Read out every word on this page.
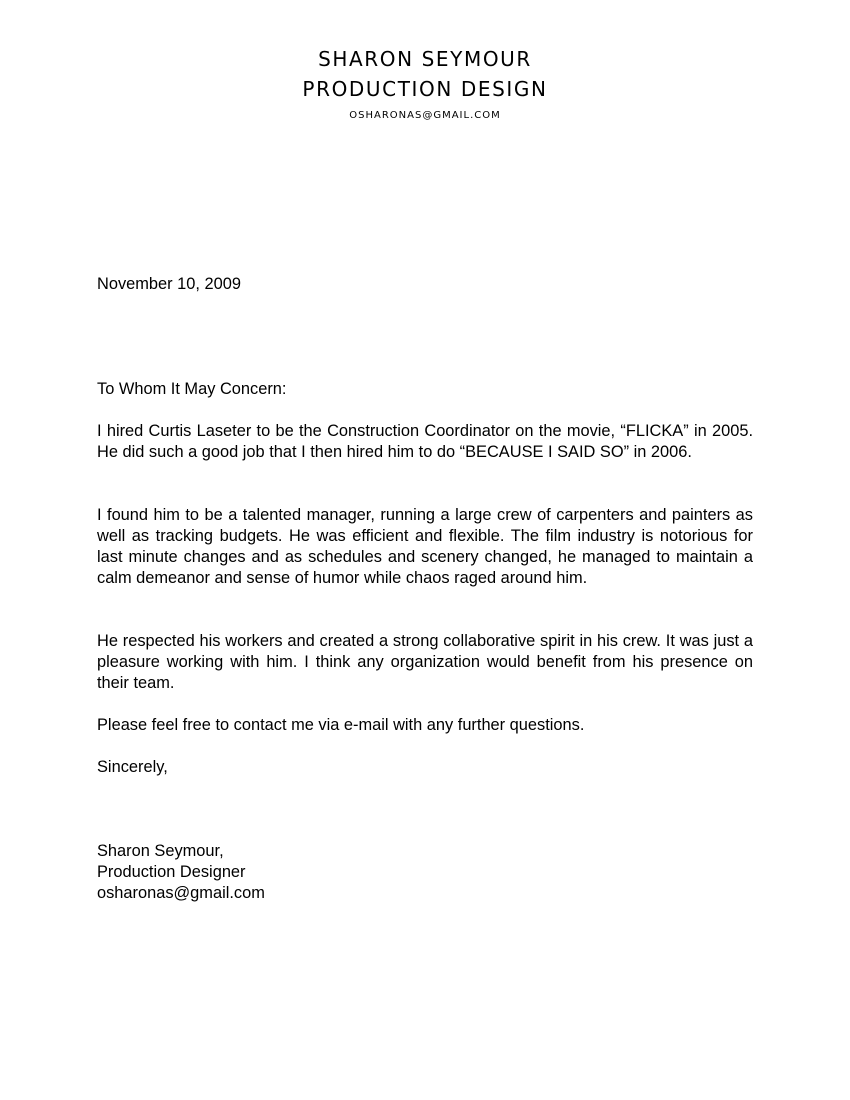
SHARON SEYMOUR
PRODUCTION DESIGN
OSHARONAS@GMAIL.COM

November 10, 2009

To Whom It May Concern:

I hired Curtis Laseter to be the Construction Coordinator on the movie, “FLICKA” in 2005. He did such a good job that I then hired him to do “BECAUSE I SAID SO” in 2006.

I found him to be a talented manager, running a large crew of carpenters and painters as well as tracking budgets. He was efficient and flexible. The film industry is notorious for last minute changes and as schedules and scenery changed, he managed to maintain a calm demeanor and sense of humor while chaos raged around him.

He respected his workers and created a strong collaborative spirit in his crew. It was just a pleasure working with him. I think any organization would benefit from his presence on their team.

Please feel free to contact me via e-mail with any further questions.

Sincerely,

Sharon Seymour,
Production Designer
osharonas@gmail.com
